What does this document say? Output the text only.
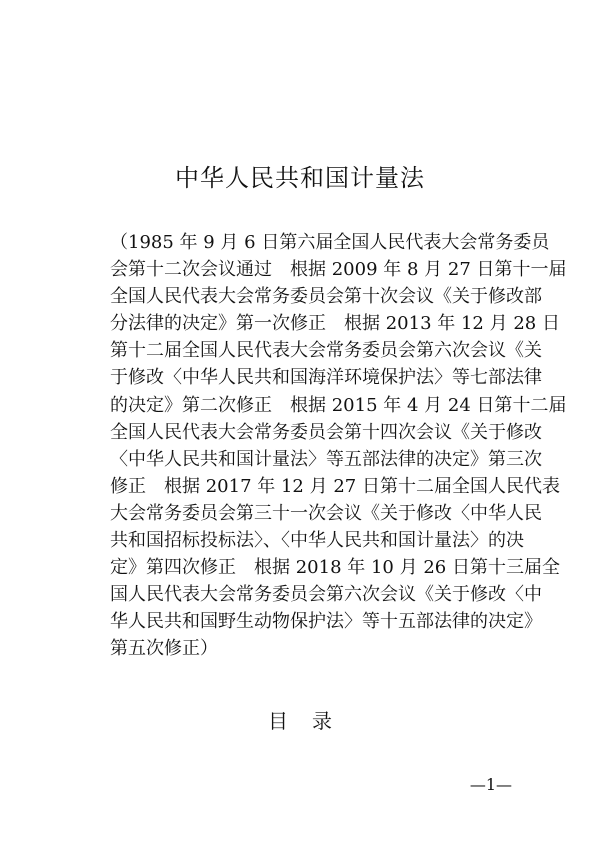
中华人民共和国计量法
（1985 年 9 月 6 日第六届全国人民代表大会常务委员
会第十二次会议通过　根据 2009 年 8 月 27 日第十一届
全国人民代表大会常务委员会第十次会议《关于修改部
分法律的决定》第一次修正　根据 2013 年 12 月 28 日
第十二届全国人民代表大会常务委员会第六次会议《关
于修改〈中华人民共和国海洋环境保护法〉等七部法律
的决定》第二次修正　根据 2015 年 4 月 24 日第十二届
全国人民代表大会常务委员会第十四次会议《关于修改
〈中华人民共和国计量法〉等五部法律的决定》第三次
修正　根据 2017 年 12 月 27 日第十二届全国人民代表
大会常务委员会第三十一次会议《关于修改〈中华人民
共和国招标投标法〉、〈中华人民共和国计量法〉的决
定》第四次修正　根据 2018 年 10 月 26 日第十三届全
国人民代表大会常务委员会第六次会议《关于修改〈中
华人民共和国野生动物保护法〉等十五部法律的决定》
第五次修正）
目录
—1—
